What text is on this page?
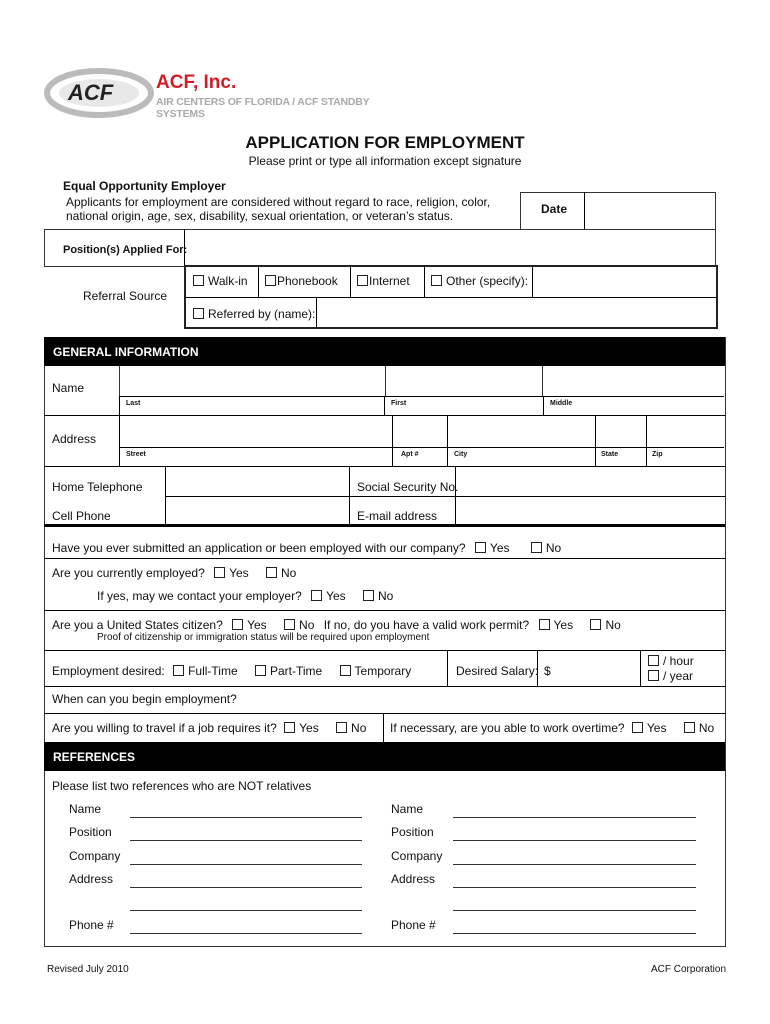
ACF ACF, Inc.
AIR CENTERS OF FLORIDA / ACF STANDBY SYSTEMS
APPLICATION FOR EMPLOYMENT
Please print or type all information except signature
Equal Opportunity Employer
Applicants for employment are considered without regard to race, religion, color,
national origin, age, sex, disability, sexual orientation, or veteran’s status.	Date
Position(s) Applied For:
Referral Source
Walk-in	Phonebook	Internet	Other (specify):
Referred by (name):
GENERAL INFORMATION
Name
Last	First	Middle
Address
Street	Apt #	City	State	Zip
Home Telephone	Social Security No.
Cell Phone	E-mail address
Have you ever submitted an application or been employed with our company? Yes	No
Are you currently employed? Yes	No
If yes, may we contact your employer? Yes	No
Are you a United States citizen? Yes	No If no, do you have a valid work permit? Yes	No
Proof of citizenship or immigration status will be required upon employment
Employment desired: Full-Time	Part-Time	Temporary	Desired Salary: $
/ hour
/ year
When can you begin employment?
Are you willing to travel if a job requires it? Yes	No If necessary, are you able to work overtime? Yes	No
REFERENCES
Please list two references who are NOT relatives
Name
Position
Company
Address
Phone #
Name
Position
Company
Address
Phone #
Revised July 2010	ACF Corporation
